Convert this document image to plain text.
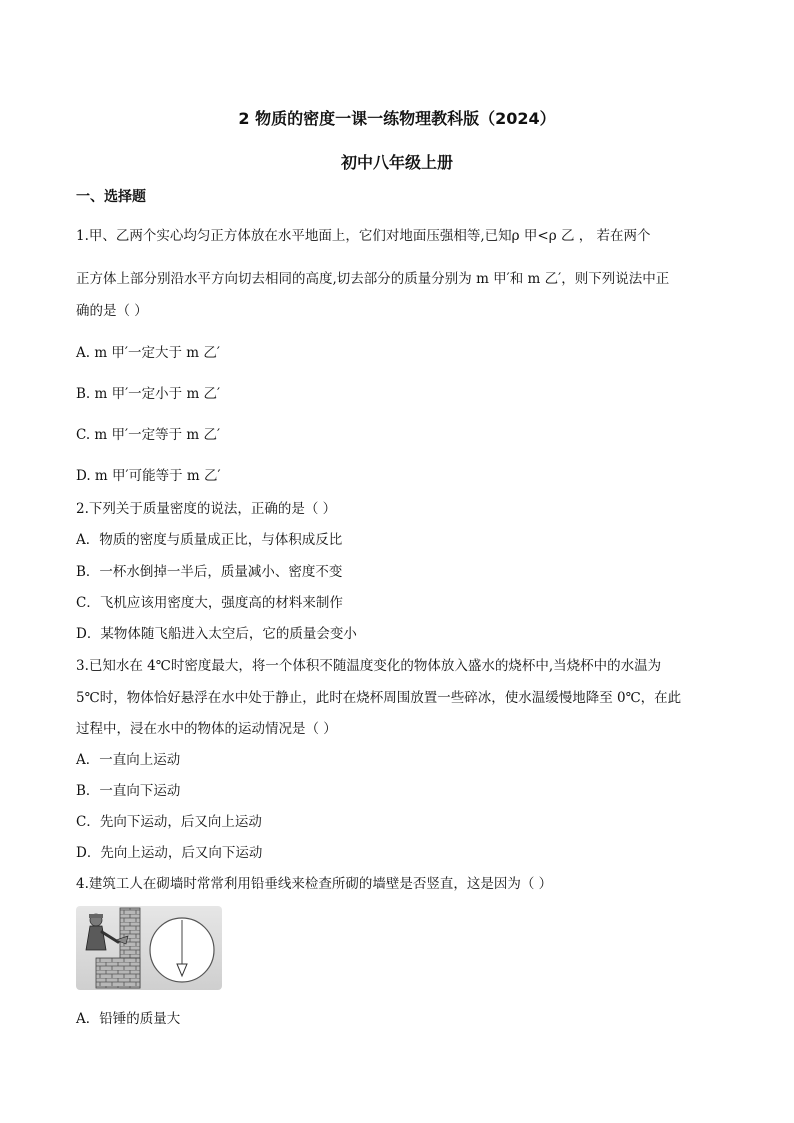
2 物质的密度一课一练物理教科版（2024）
初中八年级上册
一、选择题
1.甲、乙两个实心均匀正方体放在水平地面上，它们对地面压强相等,已知ρ 甲<ρ 乙 ， 若在两个
正方体上部分别沿水平方向切去相同的高度,切去部分的质量分别为 m 甲′和 m 乙′，则下列说法中正
确的是（ ）
A. m 甲′一定大于 m 乙′
B. m 甲′一定小于 m 乙′
C. m 甲′一定等于 m 乙′
D. m 甲′可能等于 m 乙′
2.下列关于质量密度的说法，正确的是（ ）
A．物质的密度与质量成正比，与体积成反比
B．一杯水倒掉一半后，质量减小、密度不变
C．飞机应该用密度大，强度高的材料来制作
D．某物体随飞船进入太空后，它的质量会变小
3.已知水在 4℃时密度最大，将一个体积不随温度变化的物体放入盛水的烧杯中,当烧杯中的水温为
5℃时，物体恰好悬浮在水中处于静止，此时在烧杯周围放置一些碎冰，使水温缓慢地降至 0℃，在此
过程中，浸在水中的物体的运动情况是（ ）
A．一直向上运动
B．一直向下运动
C．先向下运动，后又向上运动
D．先向上运动，后又向下运动
4.建筑工人在砌墙时常常利用铅垂线来检查所砌的墙壁是否竖直，这是因为（ ）
A．铅锤的质量大
